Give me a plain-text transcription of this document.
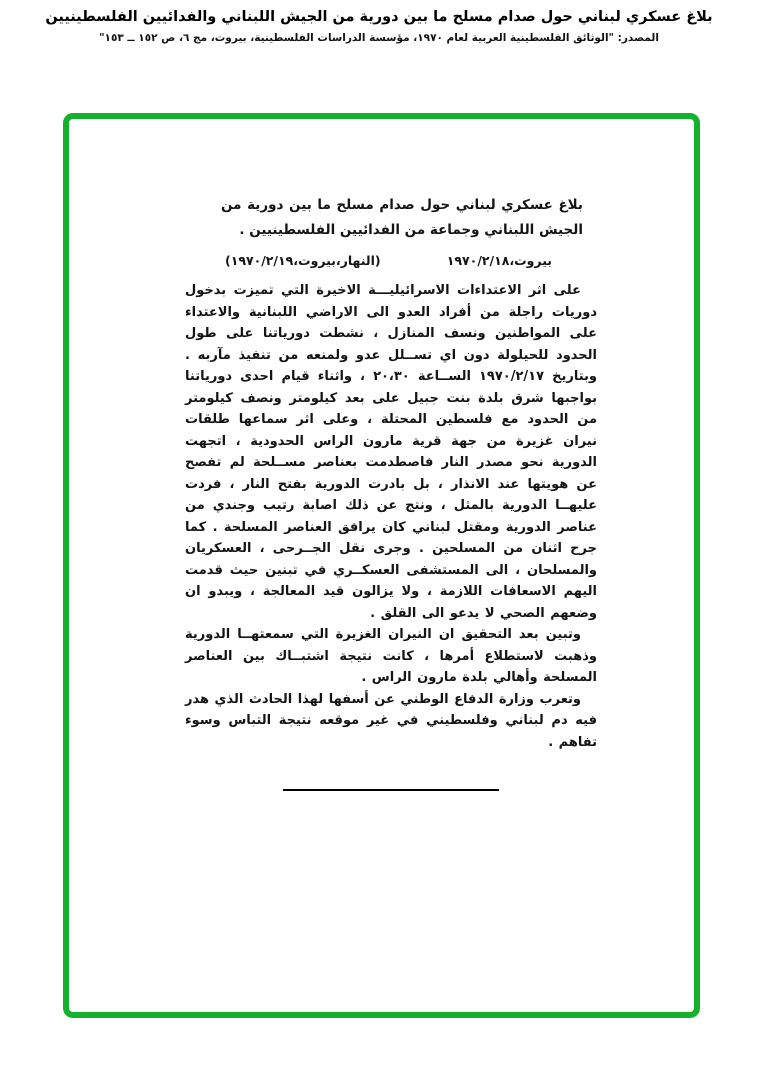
بلاغ عسكري لبناني حول صدام مسلح ما بين دورية من الجيش اللبناني والفدائيين الفلسطينيين
المصدر: "الوثائق الفلسطينية العربية لعام ١٩٧٠، مؤسسة الدراسات الفلسطينية، بيروت، مج ٦، ص ١٥٢ ــ ١٥٣"
بلاغ عسكري لبناني حول صدام مسلح ما بين دورية من
الجيش اللبناني وجماعة من الفدائيين الفلسطينيين .
بيروت،١٩٧٠/٢/١٨
(النهار،بيروت،١٩٧٠/٢/١٩)

على اثر الاعتداءات الاسرائيليـــة الاخيرة التي تميزت بدخول دوريات راجلة من أفراد العدو الى الاراضي اللبنانية والاعتداء على المواطنين ونسف المنازل ، نشطت دورياتنا على طول الحدود للحيلولة دون اي تســلل عدو ولمنعه من تنفيذ مآربه . وبتاريخ ١٩٧٠/٢/١٧ الســاعة ٢٠،٣٠ ، واثناء قيام احدى دورياتنا بواجبها شرق بلدة بنت جبيل على بعد كيلومتر ونصف كيلومتر من الحدود مع فلسطين المحتلة ، وعلى اثر سماعها طلقات نيران غزيرة من جهة قرية مارون الراس الحدودية ، اتجهت الدورية نحو مصدر النار فاصطدمت بعناصر مســلحة لم تفصح عن هويتها عند الانذار ، بل بادرت الدورية بفتح النار ، فردت عليهــا الدورية بالمثل ، ونتج عن ذلك اصابة رتيب وجندي من عناصر الدورية ومقتل لبناني كان يرافق العناصر المسلحة . كما جرح اثنان من المسلحين . وجرى نقل الجــرحى ، العسكريان والمسلحان ، الى المستشفى العسكــري في تبنين حيث قدمت اليهم الاسعافات اللازمة ، ولا يزالون قيد المعالجة ، ويبدو ان وضعهم الصحي لا يدعو الى القلق .

وتبين بعد التحقيق ان النيران الغزيرة التي سمعتهــا الدورية وذهبت لاستطلاع أمرها ، كانت نتيجة اشتبــاك بين العناصر المسلحة وأهالي بلدة مارون الراس .

وتعرب وزارة الدفاع الوطني عن أسفها لهذا الحادث الذي هدر فيه دم لبناني وفلسطيني في غير موقعه نتيجة التباس وسوء تفاهم .
